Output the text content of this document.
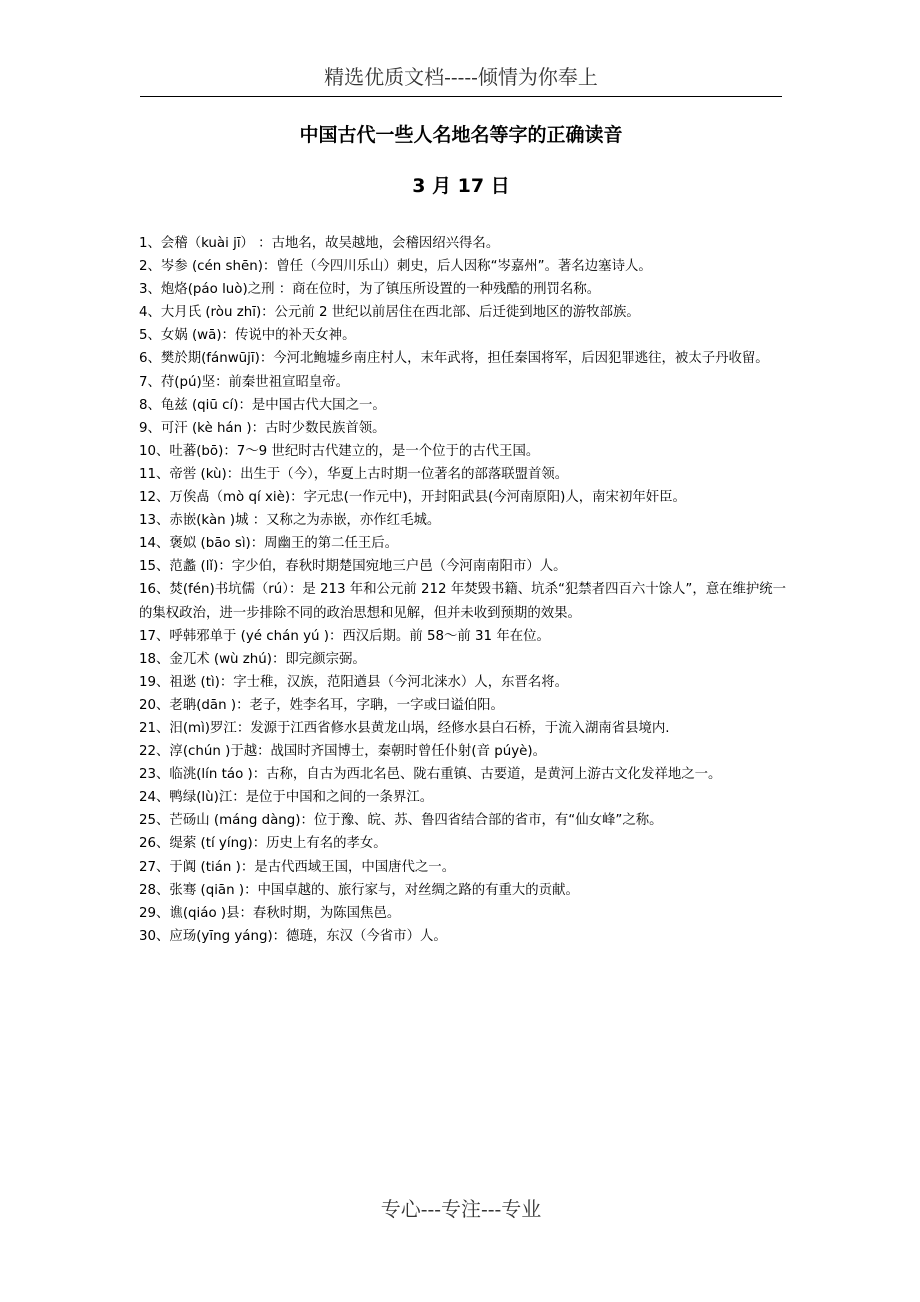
精选优质文档-----倾情为你奉上
中国古代一些人名地名等字的正确读音
3 月 17 日
1、会稽（kuài jī） ：古地名，故吴越地，会稽因绍兴得名。
2、岑参 (cén shēn)：曾任（今四川乐山）刺史，后人因称“岑嘉州”。著名边塞诗人。
3、炮烙(páo luò)之刑 ：商在位时，为了镇压所设置的一种残酷的刑罚名称。
4、大月氏 (ròu zhī)：公元前 2 世纪以前居住在西北部、后迁徙到地区的游牧部族。
5、女娲 (wā)：传说中的补天女神。
6、樊於期(fánwūjī)：今河北鲍墟乡南庄村人，末年武将，担任秦国将军，后因犯罪逃往，被太子丹收留。
7、苻(pú)坚：前秦世祖宣昭皇帝。
8、龟兹 (qiū cí)：是中国古代大国之一。
9、可汗 (kè hán )：古时少数民族首领。
10、吐蕃(bō)：7～9 世纪时古代建立的，是一个位于的古代王国。
11、帝喾 (kù)：出生于（今），华夏上古时期一位著名的部落联盟首领。
12、万俟卨（mò qí xiè)：字元忠(一作元中)，开封阳武县(今河南原阳)人，南宋初年奸臣。
13、赤嵌(kàn )城 ：又称之为赤嵌，亦作红毛城。
14、褒姒 (bāo sì)：周幽王的第二任王后。
15、范蠡 (lǐ)：字少伯，春秋时期楚国宛地三户邑（今河南南阳市）人。
16、焚(fén)书坑儒（rú）：是 213 年和公元前 212 年焚毁书籍、坑杀“犯禁者四百六十馀人”，意在维护统一的集权政治，进一步排除不同的政治思想和见解，但并未收到预期的效果。
17、呼韩邪单于 (yé chán yú )：西汉后期。前 58～前 31 年在位。
18、金兀术 (wù zhú)：即完颜宗弼。
19、祖逖 (tì)：字士稚，汉族，范阳遒县（今河北涞水）人，东晋名将。
20、老聃(dān )：老子，姓李名耳，字聃，一字或曰谥伯阳。
21、汨(mì)罗江：发源于江西省修水县黄龙山埚，经修水县白石桥，于流入湖南省县境内.
22、淳(chún )于越：战国时齐国博士，秦朝时曾任仆射(音 púyè)。
23、临洮(lín táo )：古称，自古为西北名邑、陇右重镇、古要道，是黄河上游古文化发祥地之一。
24、鸭绿(lù)江：是位于中国和之间的一条界江。
25、芒砀山 (máng dàng)：位于豫、皖、苏、鲁四省结合部的省市，有“仙女峰”之称。
26、缇萦 (tí yíng)：历史上有名的孝女。
27、于阗 (tián )：是古代西域王国，中国唐代之一。
28、张骞 (qiān )：中国卓越的、旅行家与，对丝绸之路的有重大的贡献。
29、谯(qiáo )县：春秋时期，为陈国焦邑。
30、应玚(yīng yáng)：德琏，东汉（今省市）人。
专心---专注---专业
